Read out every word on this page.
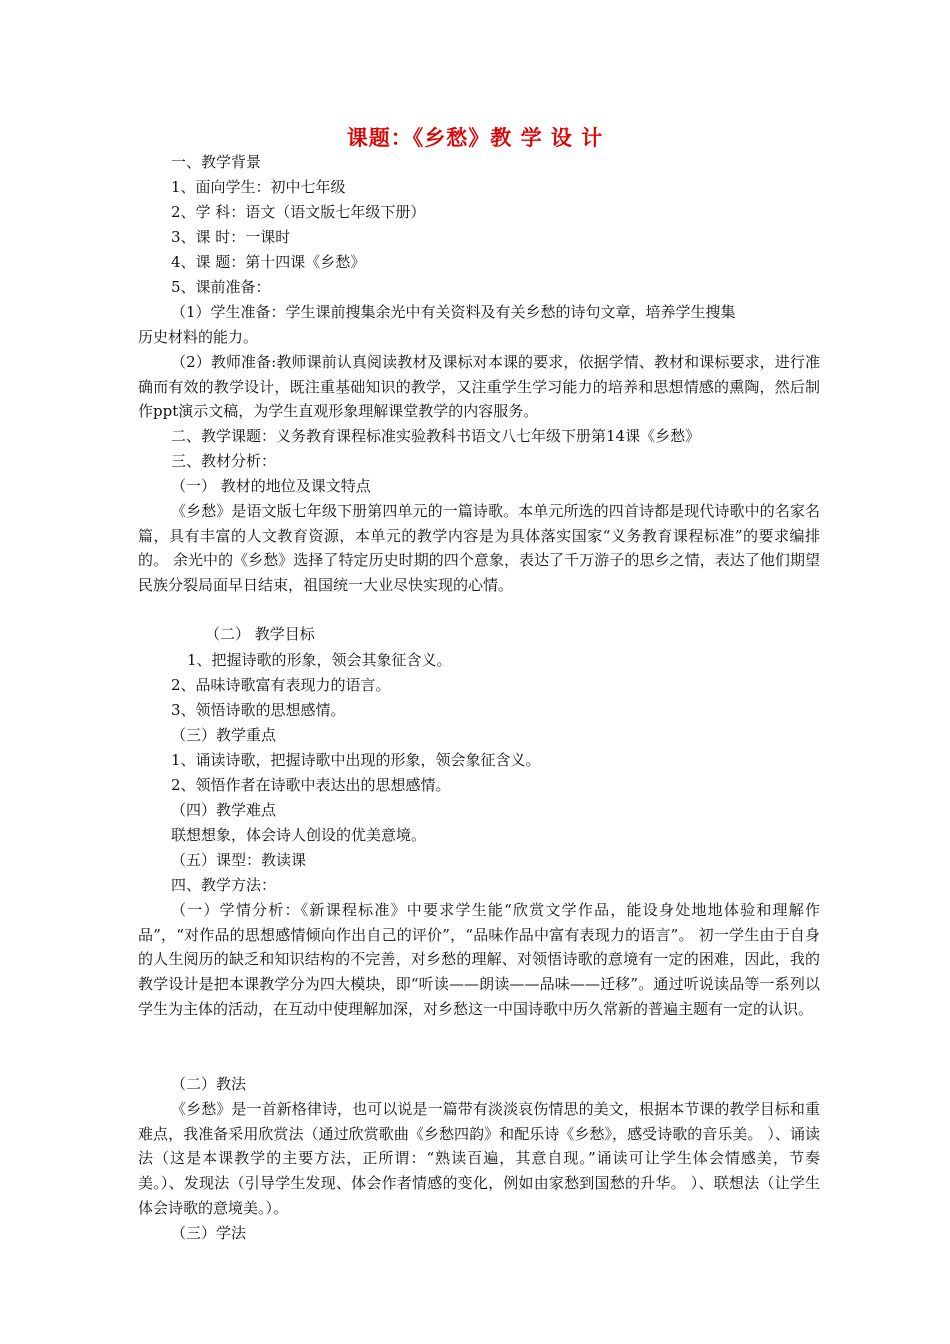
课题：《乡愁》教 学 设 计
一、教学背景
1、面向学生：初中七年级
2、学 科：语文（语文版七年级下册）
3、课 时：一课时
4、课 题：第十四课《乡愁》
5、课前准备：
（1）学生准备：学生课前搜集余光中有关资料及有关乡愁的诗句文章，培养学生搜集
历史材料的能力。
（2）教师准备:教师课前认真阅读教材及课标对本课的要求，依据学情、教材和课标要求，进行准确而有效的教学设计，既注重基础知识的教学，又注重学生学习能力的培养和思想情感的熏陶，然后制作ppt演示文稿，为学生直观形象理解课堂教学的内容服务。
二、教学课题：义务教育课程标准实验教科书语文八七年级下册第14课《乡愁》
三、教材分析：
（一） 教材的地位及课文特点
《乡愁》是语文版七年级下册第四单元的一篇诗歌。本单元所选的四首诗都是现代诗歌中的名家名篇，具有丰富的人文教育资源，本单元的教学内容是为具体落实国家“义务教育课程标准”的要求编排的。 余光中的《乡愁》选择了特定历史时期的四个意象，表达了千万游子的思乡之情，表达了他们期望民族分裂局面早日结束，祖国统一大业尽快实现的心情。
（二） 教学目标
1、把握诗歌的形象，领会其象征含义。
2、品味诗歌富有表现力的语言。
3、领悟诗歌的思想感情。
（三）教学重点
1、诵读诗歌，把握诗歌中出现的形象，领会象征含义。
2、领悟作者在诗歌中表达出的思想感情。
（四）教学难点
联想想象，体会诗人创设的优美意境。
（五）课型：教读课
四、教学方法：
（一）学情分析：《新课程标准》中要求学生能“欣赏文学作品，能设身处地地体验和理解作品”，“对作品的思想感情倾向作出自己的评价”，“品味作品中富有表现力的语言”。 初一学生由于自身的人生阅历的缺乏和知识结构的不完善，对乡愁的理解、对领悟诗歌的意境有一定的困难，因此，我的教学设计是把本课教学分为四大模块，即“听读——朗读——品味——迁移”。通过听说读品等一系列以学生为主体的活动，在互动中使理解加深，对乡愁这一中国诗歌中历久常新的普遍主题有一定的认识。
（二）教法
《乡愁》是一首新格律诗，也可以说是一篇带有淡淡哀伤情思的美文，根据本节课的教学目标和重难点，我准备采用欣赏法（通过欣赏歌曲《乡愁四韵》和配乐诗《乡愁》，感受诗歌的音乐美。 ）、诵读法（这是本课教学的主要方法，正所谓：“熟读百遍，其意自现。”诵读可让学生体会情感美，节奏美。）、发现法（引导学生发现、体会作者情感的变化，例如由家愁到国愁的升华。 ）、联想法（让学生体会诗歌的意境美。）。
（三）学法
